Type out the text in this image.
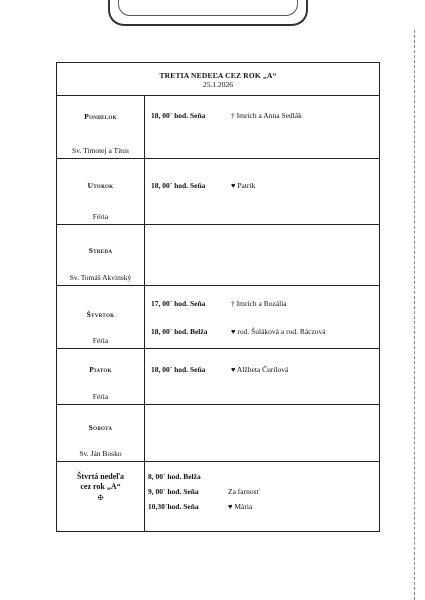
TRETIA NEDEĽA CEZ ROK „A“
25.1.2026
Pondelok
Sv. Timotej a Títus
18, 00´ hod. Seňa	† Imrich a Anna Sedlák
Utorok
Féria
18, 00´ hod. Seňa	♥ Patrik
Streda
Sv. Tomáš Akvinský
Štvrtok
Féria
17, 00´ hod. Seňa	† Imrich a Rozália
18, 00´ hod. Belža	♥ rod. Šuláková a rod. Ráczová
Piatok
Féria
18, 00´ hod. Seňa	♥ Alžbeta Čurilová
Sobota
Sv. Ján Bosko
Štvrtá nedeľa
cez rok „A“
✠
8, 00´ hod. Belža
9, 00´ hod. Seňa	Za farnosť
10,30´hod. Seňa	♥ Mária
